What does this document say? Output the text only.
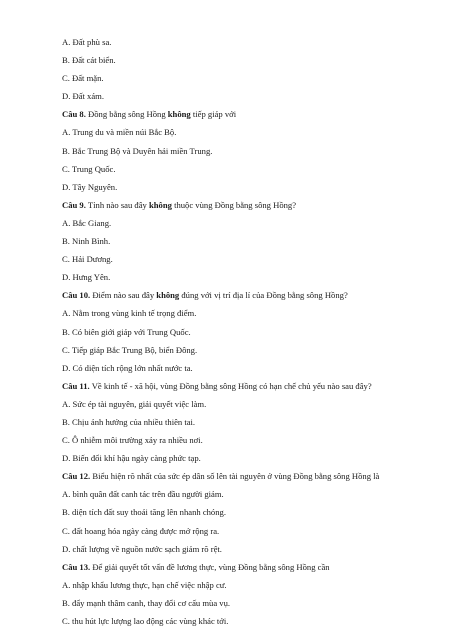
A. Đất phù sa.
B. Đất cát biển.
C. Đất mặn.
D. Đất xám.
Câu 8. Đồng bằng sông Hồng không tiếp giáp với
A. Trung du và miền núi Bắc Bộ.
B. Bắc Trung Bộ và Duyên hải miền Trung.
C. Trung Quốc.
D. Tây Nguyên.
Câu 9. Tỉnh nào sau đây không thuộc vùng Đồng bằng sông Hồng?
A. Bắc Giang.
B. Ninh Bình.
C. Hải Dương.
D. Hưng Yên.
Câu 10. Điểm nào sau đây không đúng với vị trí địa lí của Đồng bằng sông Hồng?
A. Nằm trong vùng kinh tế trọng điểm.
B. Có biên giới giáp với Trung Quốc.
C. Tiếp giáp Bắc Trung Bộ, biển Đông.
D. Có diện tích rộng lớn nhất nước ta.
Câu 11. Về kinh tế - xã hội, vùng Đồng bằng sông Hồng có hạn chế chủ yếu nào sau đây?
A. Sức ép tài nguyên, giải quyết việc làm.
B. Chịu ảnh hưởng của nhiều thiên tai.
C. Ô nhiễm môi trường xảy ra nhiều nơi.
D. Biến đổi khí hậu ngày càng phức tạp.
Câu 12. Biểu hiện rõ nhất của sức ép dân số lên tài nguyên ở vùng Đồng bằng sông Hồng là
A. bình quân đất canh tác trên đầu người giảm.
B. diện tích đất suy thoái tăng lên nhanh chóng.
C. đất hoang hóa ngày càng được mở rộng ra.
D. chất lượng về nguồn nước sạch giảm rõ rệt.
Câu 13. Để giải quyết tốt vấn đề lương thực, vùng Đồng bằng sông Hồng cần
A. nhập khẩu lương thực, hạn chế việc nhập cư.
B. đẩy mạnh thâm canh, thay đổi cơ cấu mùa vụ.
C. thu hút lực lượng lao động các vùng khác tới.
